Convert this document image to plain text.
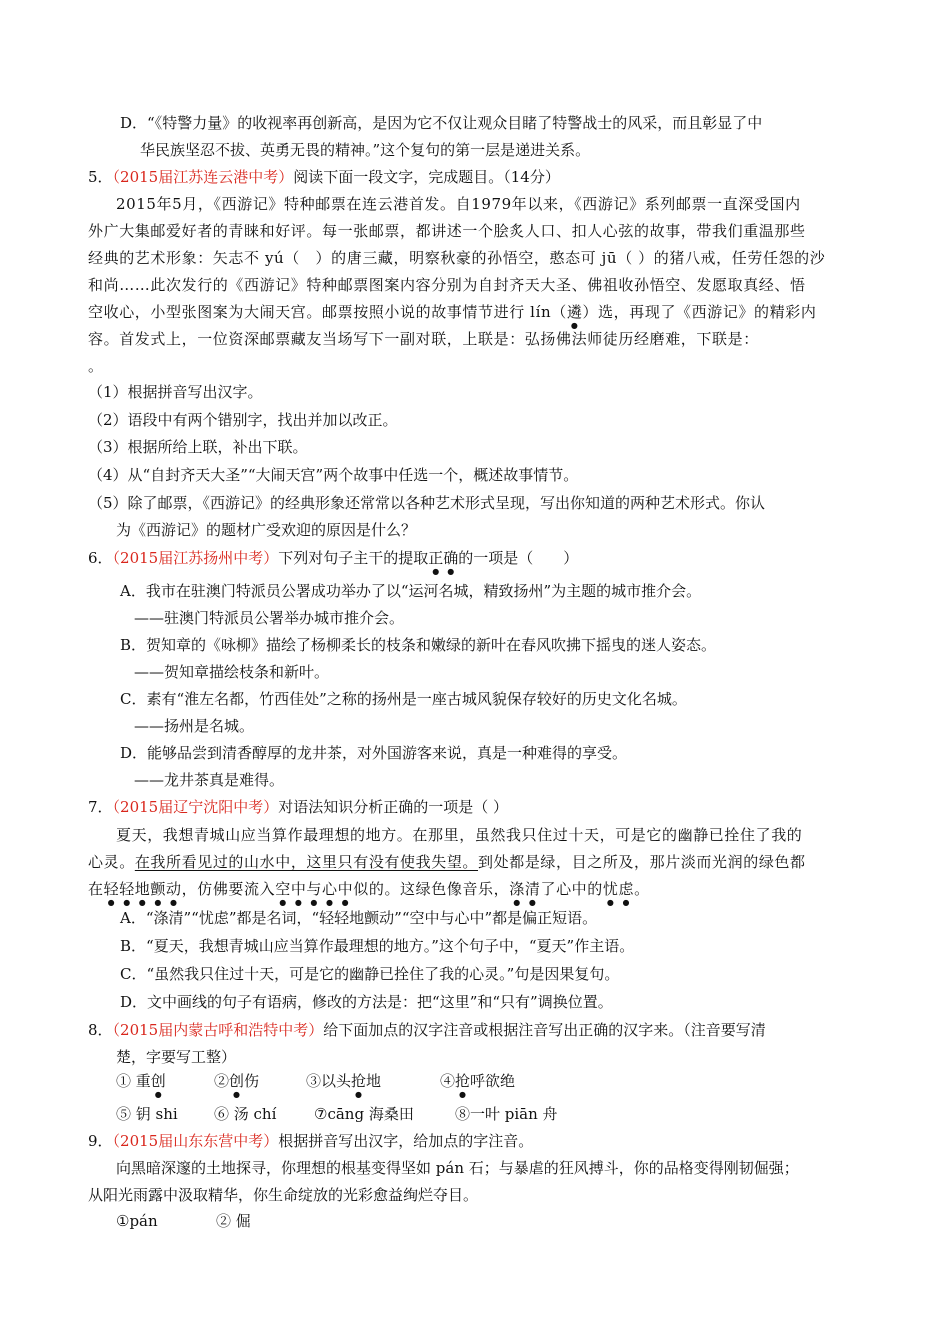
D．“《特警力量》的收视率再创新高，是因为它不仅让观众目睹了特警战士的风采，而且彰显了中
华民族坚忍不拔、英勇无畏的精神。”这个复句的第一层是递进关系。
5．（2015届江苏连云港中考）阅读下面一段文字，完成题目。（14分）
2015年5月，《西游记》特种邮票在连云港首发。自1979年以来，《西游记》系列邮票一直深受国内
外广大集邮爱好者的青睐和好评。每一张邮票，都讲述一个脍炙人口、扣人心弦的故事，带我们重温那些
经典的艺术形象：矢志不 yú（　）的唐三藏，明察秋豪的孙悟空，憨态可 jū（ ）的猪八戒，任劳任怨的沙
和尚……此次发行的《西游记》特种邮票图案内容分别为自封齐天大圣、佛祖收孙悟空、发愿取真经、悟
空收心，小型张图案为大闹天宫。邮票按照小说的故事情节进行 lín（遴）选，再现了《西游记》的精彩内
容。首发式上，一位资深邮票藏友当场写下一副对联，上联是：弘扬佛法师徒历经磨难，下联是：
。
（1）根据拼音写出汉字。
（2）语段中有两个错别字，找出并加以改正。
（3）根据所给上联，补出下联。
（4）从“自封齐天大圣”“大闹天宫”两个故事中任选一个，概述故事情节。
（5）除了邮票，《西游记》的经典形象还常常以各种艺术形式呈现，写出你知道的两种艺术形式。你认
为《西游记》的题材广受欢迎的原因是什么？
6．（2015届江苏扬州中考）下列对句子主干的提取正确的一项是（　　）
A．我市在驻澳门特派员公署成功举办了以“运河名城，精致扬州”为主题的城市推介会。
——驻澳门特派员公署举办城市推介会。
B．贺知章的《咏柳》描绘了杨柳柔长的枝条和嫩绿的新叶在春风吹拂下摇曳的迷人姿态。
——贺知章描绘枝条和新叶。
C．素有“淮左名都，竹西佳处”之称的扬州是一座古城风貌保存较好的历史文化名城。
——扬州是名城。
D．能够品尝到清香醇厚的龙井茶，对外国游客来说，真是一种难得的享受。
——龙井茶真是难得。
7．（2015届辽宁沈阳中考）对语法知识分析正确的一项是（ ）
夏天，我想青城山应当算作最理想的地方。在那里，虽然我只住过十天，可是它的幽静已拴住了我的
心灵。在我所看见过的山水中，这里只有没有使我失望。到处都是绿，目之所及，那片淡而光润的绿色都
在轻轻地颤动，仿佛要流入空中与心中似的。这绿色像音乐，涤清了心中的忧虑。
A．“涤清”“忧虑”都是名词，“轻轻地颤动”“空中与心中”都是偏正短语。
B．“夏天，我想青城山应当算作最理想的地方。”这个句子中，“夏天”作主语。
C．“虽然我只住过十天，可是它的幽静已拴住了我的心灵。”句是因果复句。
D．文中画线的句子有语病，修改的方法是：把“这里”和“只有”调换位置。
8．（2015届内蒙古呼和浩特中考）给下面加点的汉字注音或根据注音写出正确的汉字来。（注音要写清
楚，字要写工整）
① 重创	②创伤	③以头抢地	④抢呼欲绝
⑤ 钥 shi ⑥ 汤 chí	⑦cāng 海桑田	⑧一叶 piān 舟
9．（2015届山东东营中考）根据拼音写出汉字，给加点的字注音。
向黑暗深邃的土地探寻，你理想的根基变得坚如 pán 石；与暴虐的狂风搏斗，你的品格变得刚韧倔强；
从阳光雨露中汲取精华，你生命绽放的光彩愈益绚烂夺目。
①pán	② 倔
